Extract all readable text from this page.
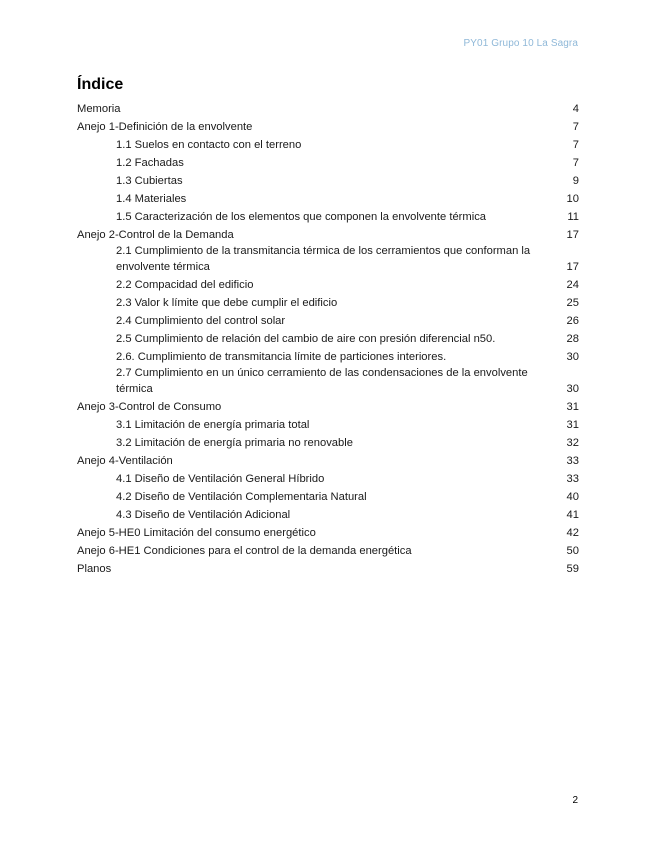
PY01 Grupo 10 La Sagra
Índice
Memoria	4
Anejo 1-Definición de la envolvente	7
1.1 Suelos en contacto con el terreno	7
1.2 Fachadas	7
1.3 Cubiertas	9
1.4 Materiales	10
1.5 Caracterización de los elementos que componen la envolvente térmica	11
Anejo 2-Control de la Demanda	17
2.1 Cumplimiento de la transmitancia térmica de los cerramientos que conforman la envolvente térmica	17
2.2 Compacidad del edificio	24
2.3 Valor k límite que debe cumplir el edificio	25
2.4 Cumplimiento del control solar	26
2.5 Cumplimiento de relación del cambio de aire con presión diferencial n50.	28
2.6. Cumplimiento de transmitancia límite de particiones interiores.	30
2.7 Cumplimiento en un único cerramiento de las condensaciones de la envolvente térmica	30
Anejo 3-Control de Consumo	31
3.1 Limitación de energía primaria total	31
3.2 Limitación de energía primaria no renovable	32
Anejo 4-Ventilación	33
4.1 Diseño de Ventilación General Híbrido	33
4.2 Diseño de Ventilación Complementaria Natural	40
4.3 Diseño de Ventilación Adicional	41
Anejo 5-HE0 Limitación del consumo energético	42
Anejo 6-HE1 Condiciones para el control de la demanda energética	50
Planos	59
2
